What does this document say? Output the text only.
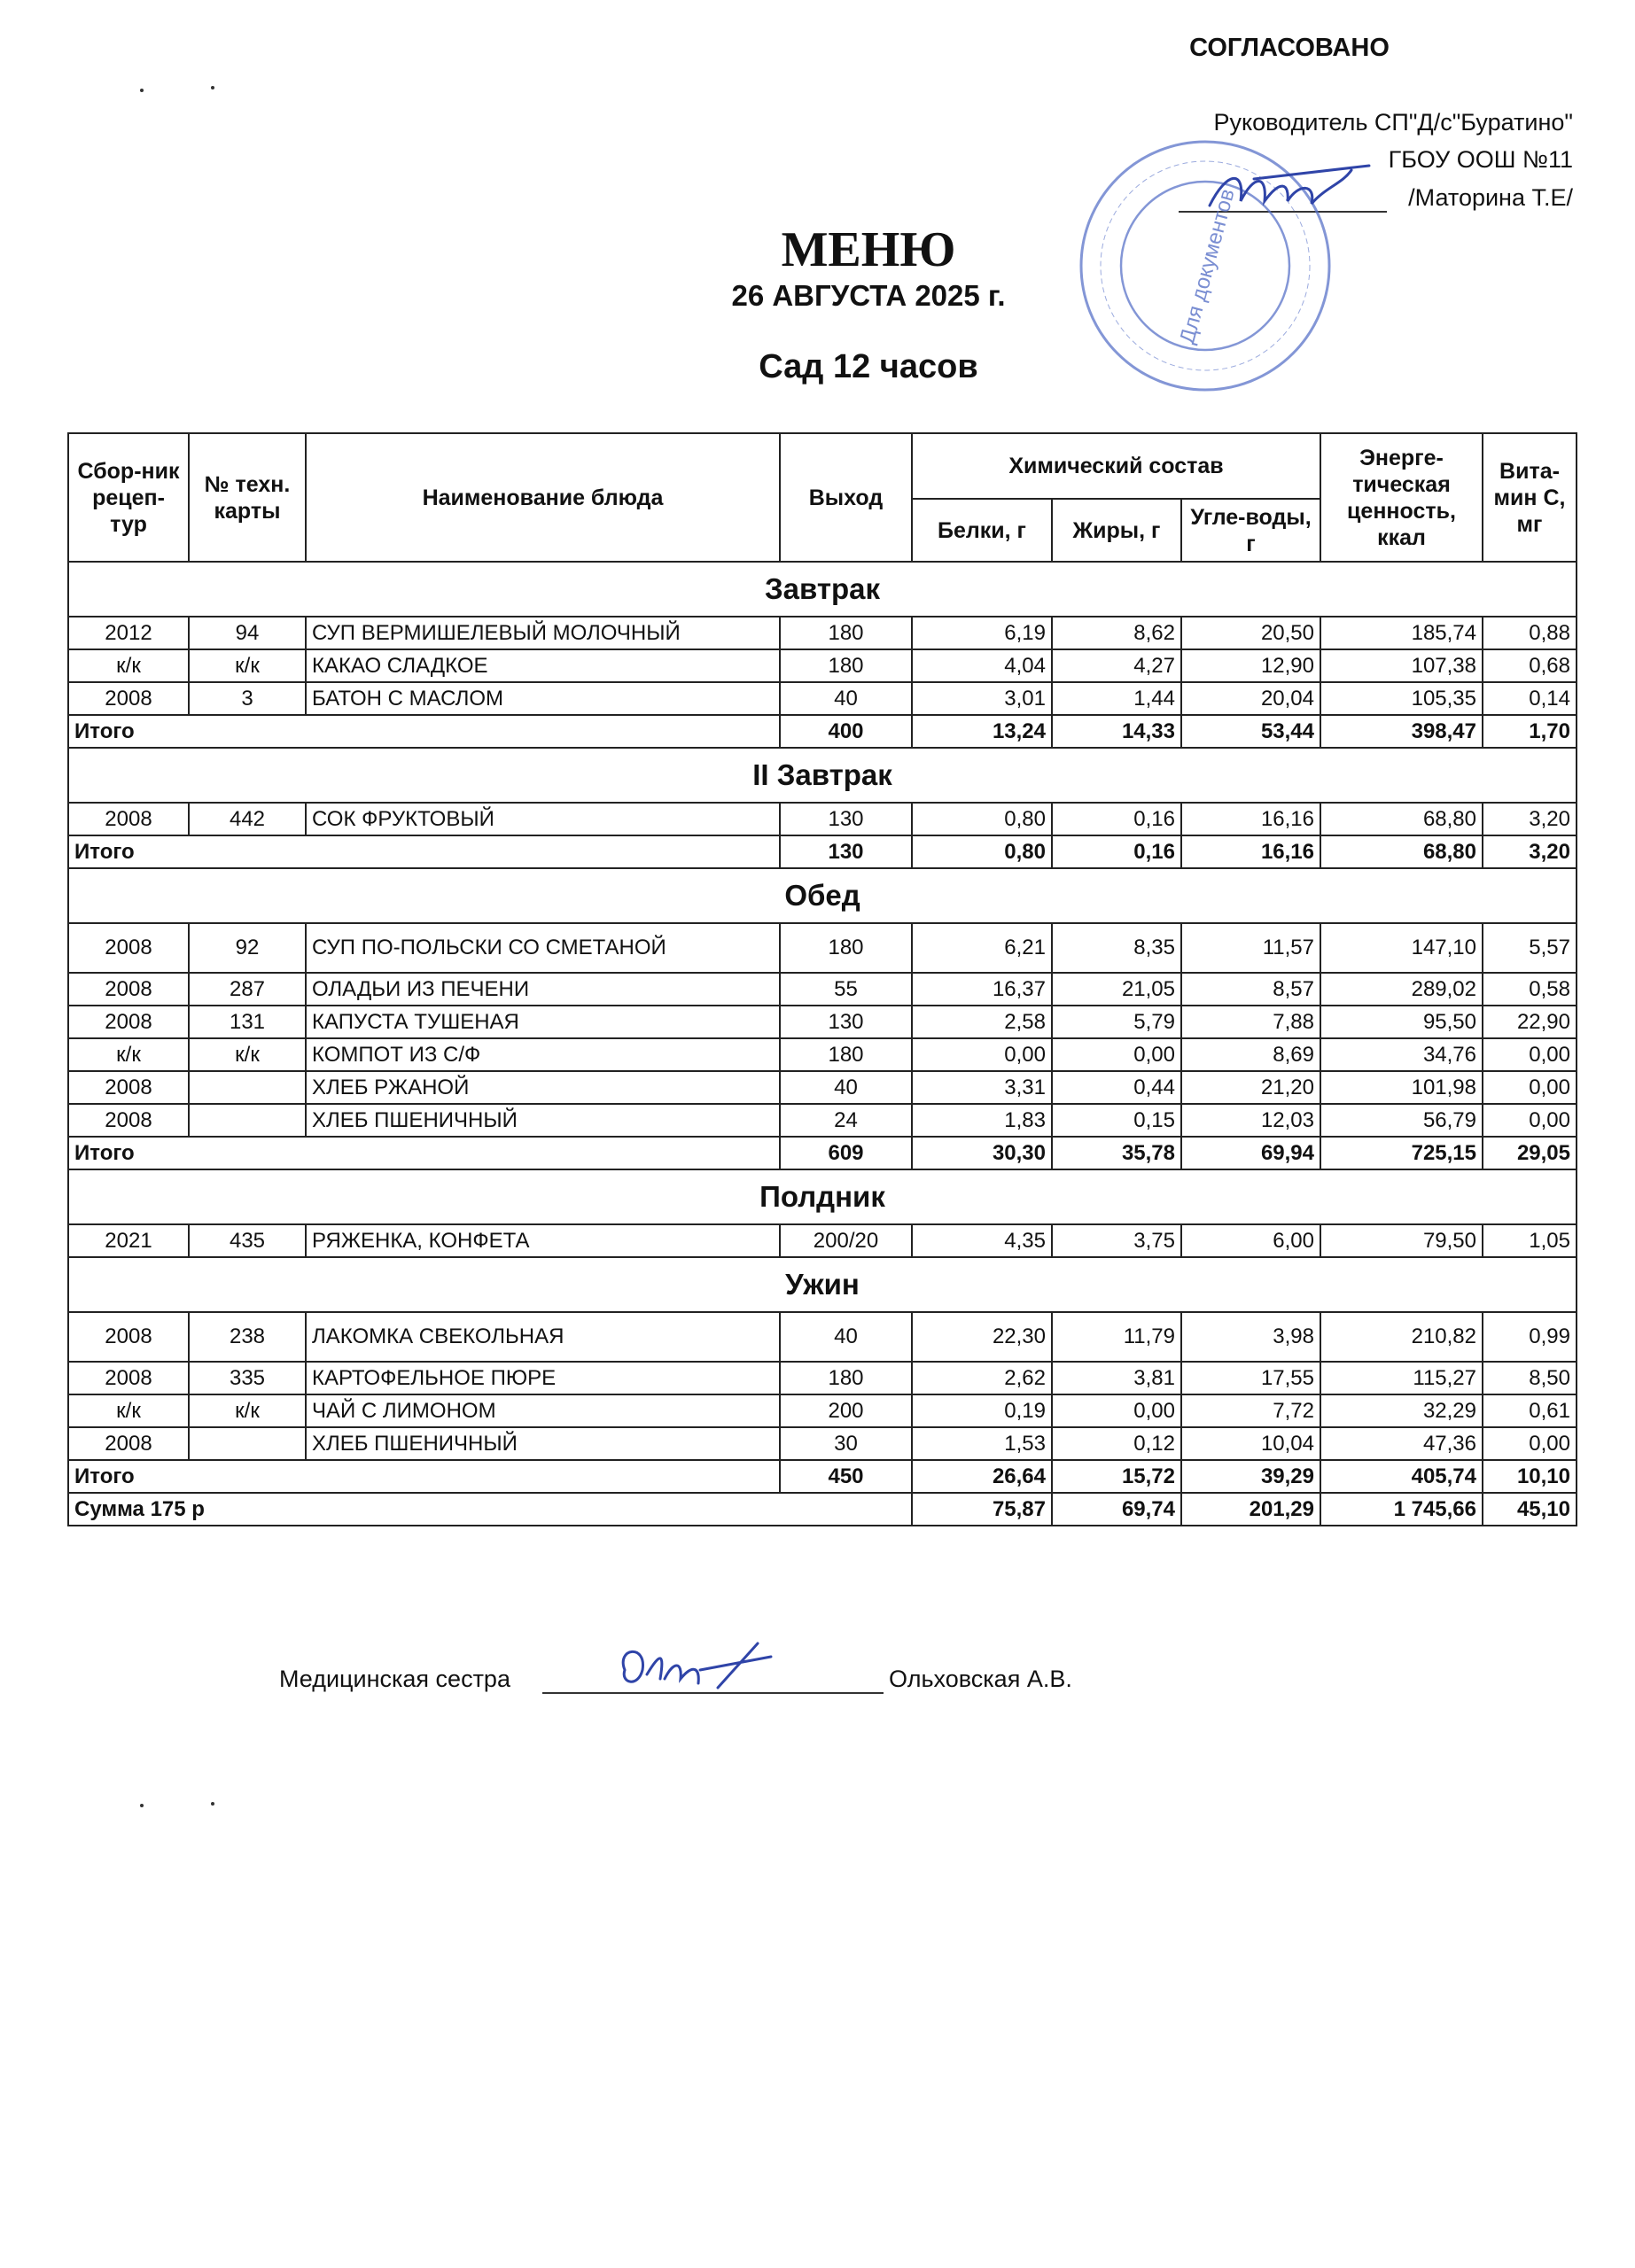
СОГЛАСОВАНО
Руководитель СП"Д/с"Буратино"
ГБОУ ООШ №11
/Маторина Т.Е/
Для документов
МЕНЮ
26 АВГУСТА 2025 г.
Сад 12 часов
Сбор-ник рецеп-тур	№ техн. карты	Наименование блюда	Выход	Химический состав			Энерге-тическая ценность, ккал	Вита-мин С, мг
				Белки, г	Жиры, г	Угле-воды, г		
Завтрак								
2012	94	СУП ВЕРМИШЕЛЕВЫЙ МОЛОЧНЫЙ	180	6,19	8,62	20,50	185,74	0,88
к/к	к/к	КАКАО СЛАДКОЕ	180	4,04	4,27	12,90	107,38	0,68
2008	3	БАТОН С МАСЛОМ	40	3,01	1,44	20,04	105,35	0,14
Итого			400	13,24	14,33	53,44	398,47	1,70
II Завтрак								
2008	442	СОК ФРУКТОВЫЙ	130	0,80	0,16	16,16	68,80	3,20
Итого			130	0,80	0,16	16,16	68,80	3,20
Обед								
2008	92	СУП ПО-ПОЛЬСКИ СО СМЕТАНОЙ	180	6,21	8,35	11,57	147,10	5,57
2008	287	ОЛАДЬИ ИЗ ПЕЧЕНИ	55	16,37	21,05	8,57	289,02	0,58
2008	131	КАПУСТА ТУШЕНАЯ	130	2,58	5,79	7,88	95,50	22,90
к/к	к/к	КОМПОТ ИЗ С/Ф	180	0,00	0,00	8,69	34,76	0,00
2008		ХЛЕБ РЖАНОЙ	40	3,31	0,44	21,20	101,98	0,00
2008		ХЛЕБ ПШЕНИЧНЫЙ	24	1,83	0,15	12,03	56,79	0,00
Итого			609	30,30	35,78	69,94	725,15	29,05
Полдник								
2021	435	РЯЖЕНКА, КОНФЕТА	200/20	4,35	3,75	6,00	79,50	1,05
Ужин								
2008	238	ЛАКОМКА СВЕКОЛЬНАЯ	40	22,30	11,79	3,98	210,82	0,99
2008	335	КАРТОФЕЛЬНОЕ ПЮРЕ	180	2,62	3,81	17,55	115,27	8,50
к/к	к/к	ЧАЙ С ЛИМОНОМ	200	0,19	0,00	7,72	32,29	0,61
2008		ХЛЕБ ПШЕНИЧНЫЙ	30	1,53	0,12	10,04	47,36	0,00
Итого			450	26,64	15,72	39,29	405,74	10,10
Сумма 175 р				75,87	69,74	201,29	1 745,66	45,10
Медицинская сестра	Ольховская А.В.
